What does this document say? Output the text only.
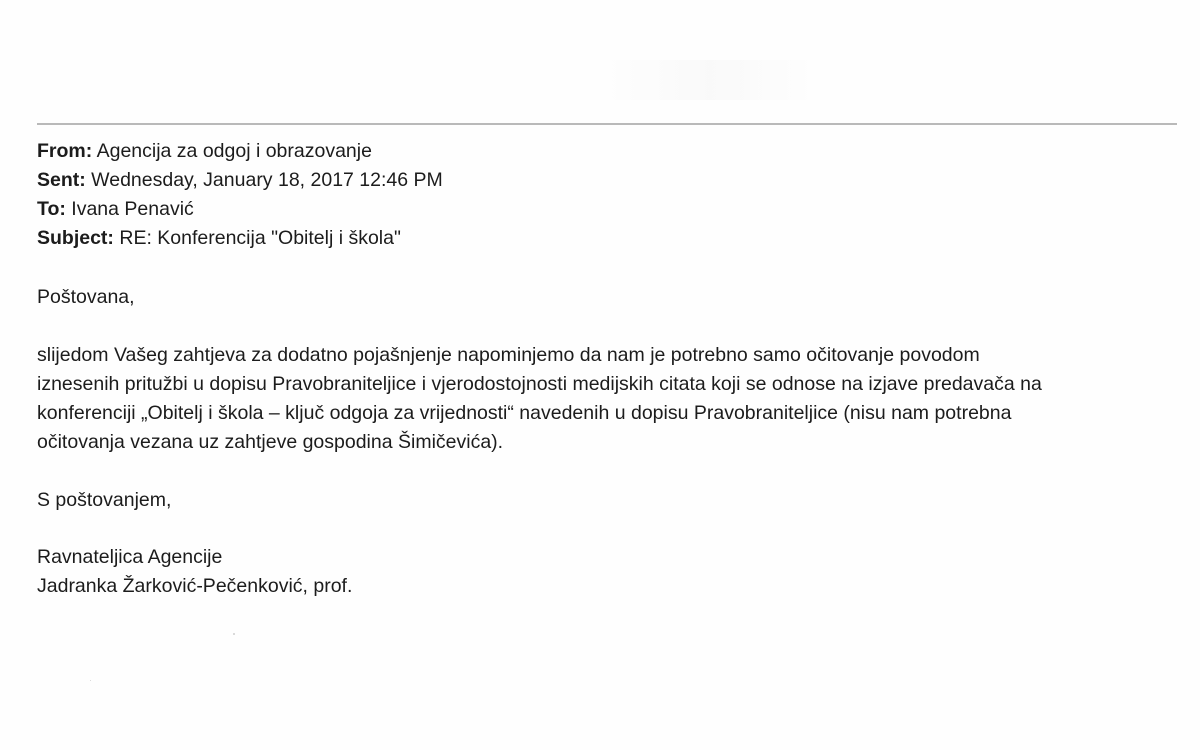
From: Agencija za odgoj i obrazovanje
Sent: Wednesday, January 18, 2017 12:46 PM
To: Ivana Penavić
Subject: RE: Konferencija "Obitelj i škola"
Poštovana,
slijedom Vašeg zahtjeva za dodatno pojašnjenje napominjemo da nam je potrebno samo očitovanje povodom
iznesenih pritužbi u dopisu Pravobraniteljice i vjerodostojnosti medijskih citata koji se odnose na izjave predavača na
konferenciji „Obitelj i škola – ključ odgoja za vrijednosti“ navedenih u dopisu Pravobraniteljice (nisu nam potrebna
očitovanja vezana uz zahtjeve gospodina Šimičevića).
S poštovanjem,
Ravnateljica Agencije
Jadranka Žarković-Pečenković, prof.
